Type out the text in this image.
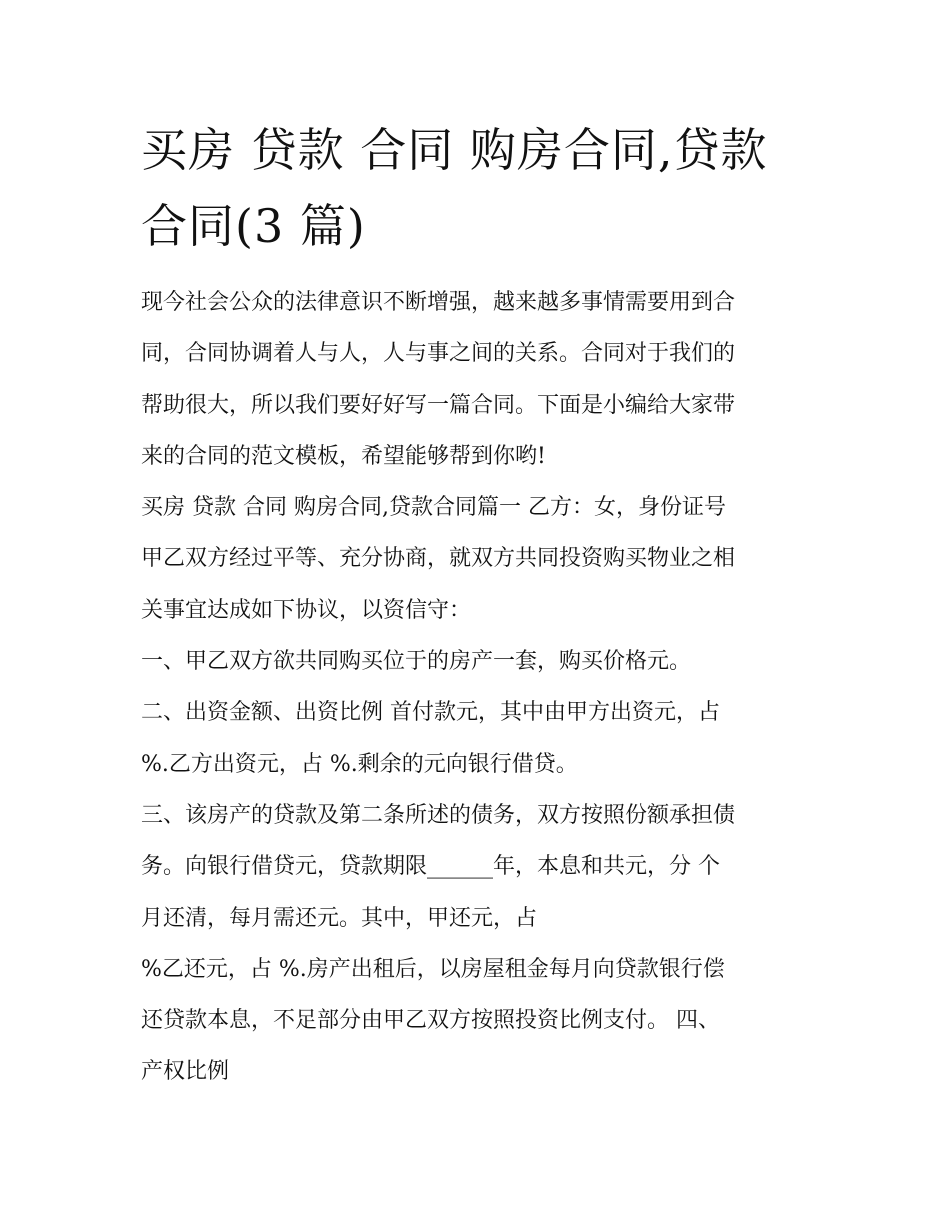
买房 贷款 合同 购房合同,贷款
合同(3 篇)

现今社会公众的法律意识不断增强，越来越多事情需要用到合
同，合同协调着人与人，人与事之间的关系。合同对于我们的
帮助很大，所以我们要好好写一篇合同。下面是小编给大家带
来的合同的范文模板，希望能够帮到你哟!

买房 贷款 合同 购房合同,贷款合同篇一 乙方：女，身份证号
甲乙双方经过平等、充分协商，就双方共同投资购买物业之相
关事宜达成如下协议，以资信守：

一、甲乙双方欲共同购买位于的房产一套，购买价格元。

二、出资金额、出资比例 首付款元，其中由甲方出资元，占
%.乙方出资元，占 %.剩余的元向银行借贷。

三、该房产的贷款及第二条所述的债务，双方按照份额承担债
务。向银行借贷元，贷款期限______年，本息和共元，分 个
月还清，每月需还元。其中，甲还元，占
%乙还元，占 %.房产出租后，以房屋租金每月向贷款银行偿
还贷款本息，不足部分由甲乙双方按照投资比例支付。 四、
产权比例
